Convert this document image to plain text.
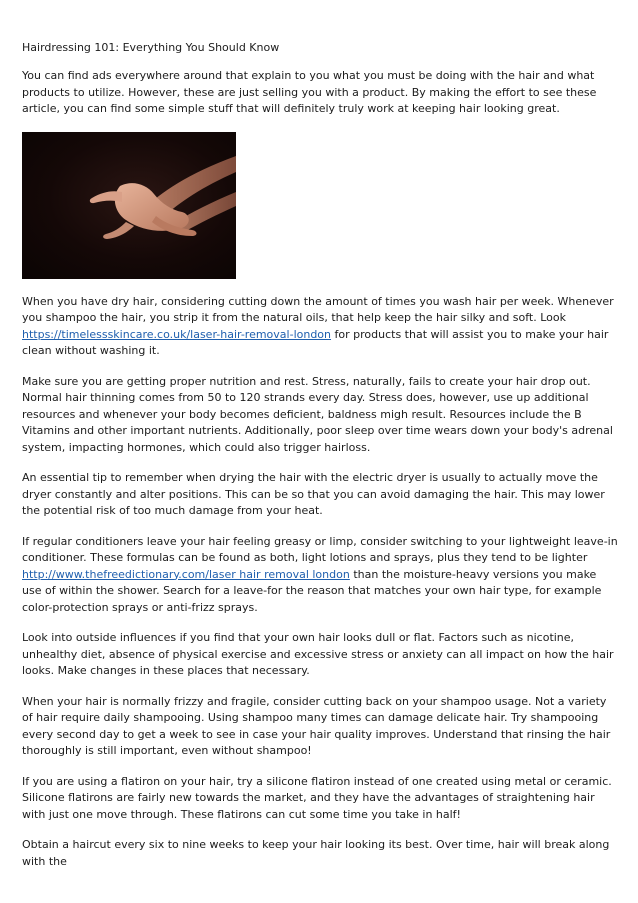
Hairdressing 101: Everything You Should Know

You can find ads everywhere around that explain to you what you must be doing with the hair and what products to utilize. However, these are just selling you with a product. By making the effort to see these article, you can find some simple stuff that will definitely truly work at keeping hair looking great.

When you have dry hair, considering cutting down the amount of times you wash hair per week. Whenever you shampoo the hair, you strip it from the natural oils, that help keep the hair silky and soft. Look https://timelessskincare.co.uk/laser-hair-removal-london for products that will assist you to make your hair clean without washing it.

Make sure you are getting proper nutrition and rest. Stress, naturally, fails to create your hair drop out. Normal hair thinning comes from 50 to 120 strands every day. Stress does, however, use up additional resources and whenever your body becomes deficient, baldness migh result. Resources include the B Vitamins and other important nutrients. Additionally, poor sleep over time wears down your body's adrenal system, impacting hormones, which could also trigger hairloss.

An essential tip to remember when drying the hair with the electric dryer is usually to actually move the dryer constantly and alter positions. This can be so that you can avoid damaging the hair. This may lower the potential risk of too much damage from your heat.

If regular conditioners leave your hair feeling greasy or limp, consider switching to your lightweight leave-in conditioner. These formulas can be found as both, light lotions and sprays, plus they tend to be lighter http://www.thefreedictionary.com/laser hair removal london than the moisture-heavy versions you make use of within the shower. Search for a leave-for the reason that matches your own hair type, for example color-protection sprays or anti-frizz sprays.

Look into outside influences if you find that your own hair looks dull or flat. Factors such as nicotine, unhealthy diet, absence of physical exercise and excessive stress or anxiety can all impact on how the hair looks. Make changes in these places that necessary.

When your hair is normally frizzy and fragile, consider cutting back on your shampoo usage. Not a variety of hair require daily shampooing. Using shampoo many times can damage delicate hair. Try shampooing every second day to get a week to see in case your hair quality improves. Understand that rinsing the hair thoroughly is still important, even without shampoo!

If you are using a flatiron on your hair, try a silicone flatiron instead of one created using metal or ceramic. Silicone flatirons are fairly new towards the market, and they have the advantages of straightening hair with just one move through. These flatirons can cut some time you take in half!

Obtain a haircut every six to nine weeks to keep your hair looking its best. Over time, hair will break along with the
